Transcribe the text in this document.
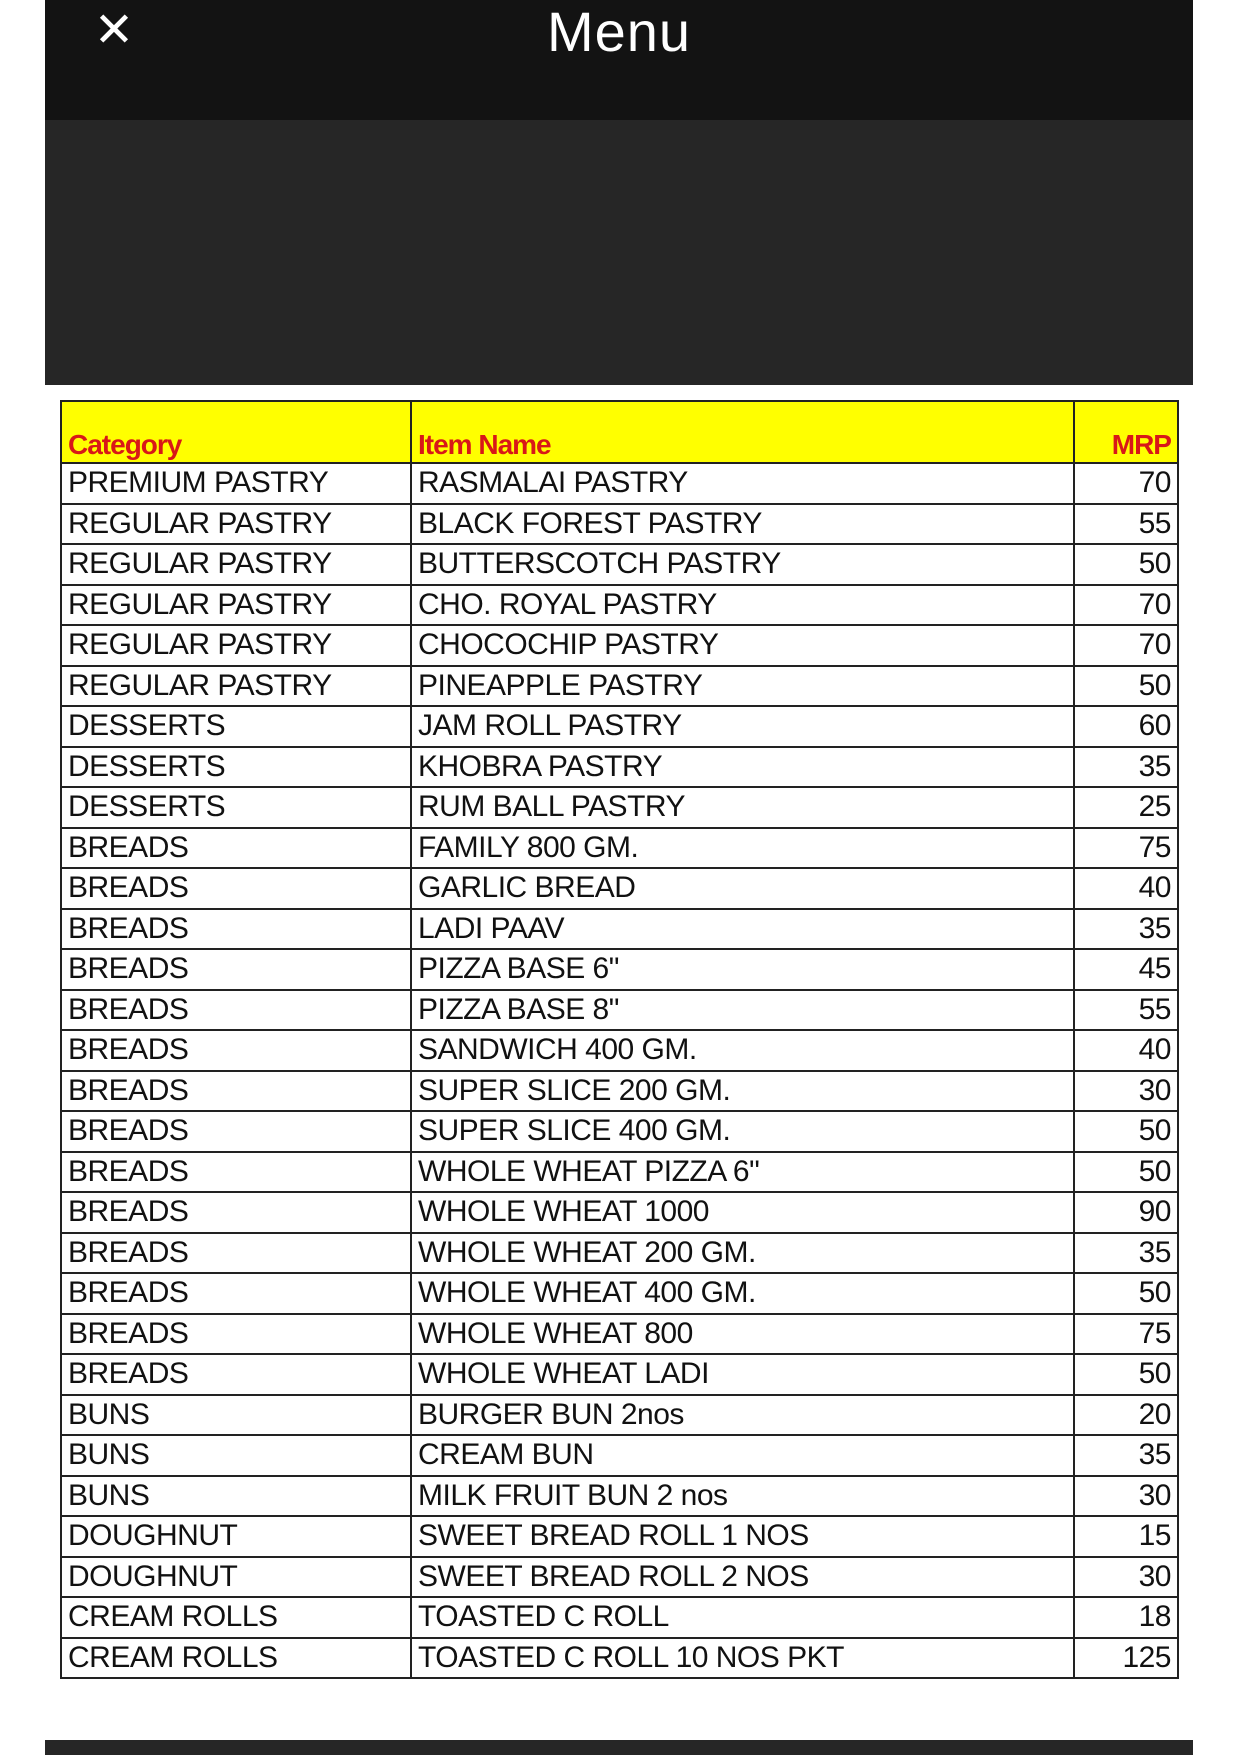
✕	Menu
Category	Item Name	MRP
PREMIUM PASTRY	RASMALAI PASTRY	70
REGULAR PASTRY	BLACK FOREST PASTRY	55
REGULAR PASTRY	BUTTERSCOTCH PASTRY	50
REGULAR PASTRY	CHO. ROYAL PASTRY	70
REGULAR PASTRY	CHOCOCHIP PASTRY	70
REGULAR PASTRY	PINEAPPLE PASTRY	50
DESSERTS	JAM ROLL PASTRY	60
DESSERTS	KHOBRA PASTRY	35
DESSERTS	RUM BALL PASTRY	25
BREADS	FAMILY 800 GM.	75
BREADS	GARLIC BREAD	40
BREADS	LADI PAAV	35
BREADS	PIZZA BASE 6"	45
BREADS	PIZZA BASE 8"	55
BREADS	SANDWICH 400 GM.	40
BREADS	SUPER SLICE 200 GM.	30
BREADS	SUPER SLICE 400 GM.	50
BREADS	WHOLE WHEAT PIZZA 6"	50
BREADS	WHOLE WHEAT 1000	90
BREADS	WHOLE WHEAT 200 GM.	35
BREADS	WHOLE WHEAT 400 GM.	50
BREADS	WHOLE WHEAT 800	75
BREADS	WHOLE WHEAT LADI	50
BUNS	BURGER BUN 2nos	20
BUNS	CREAM BUN	35
BUNS	MILK FRUIT BUN 2 nos	30
DOUGHNUT	SWEET BREAD ROLL 1 NOS	15
DOUGHNUT	SWEET BREAD ROLL 2 NOS	30
CREAM ROLLS	TOASTED C ROLL	18
CREAM ROLLS	TOASTED C ROLL 10 NOS PKT	125
